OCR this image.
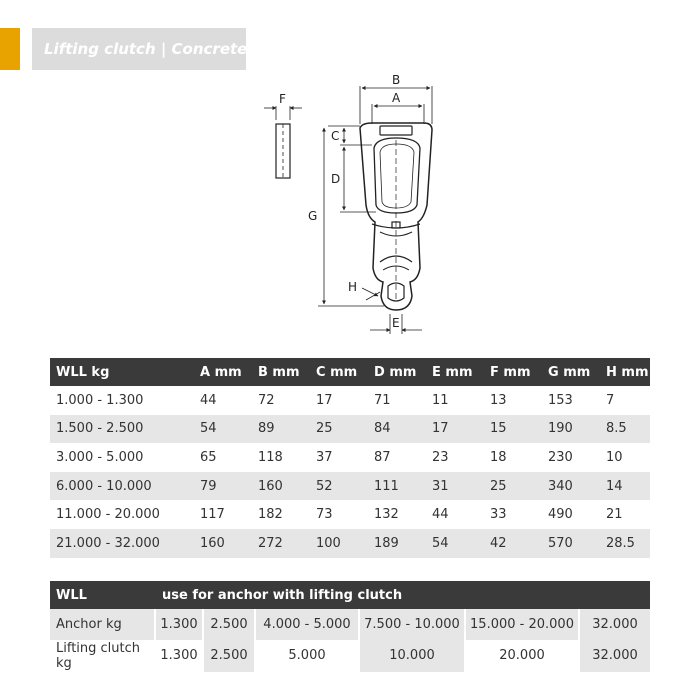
Lifting clutch | Concrete
B
A
C
D
G
H
E
F
WLL kg	A mm	B mm	C mm	D mm	E mm	F mm	G mm	H mm
1.000 - 1.300	44	72	17	71	11	13	153	7
1.500 - 2.500	54	89	25	84	17	15	190	8.5
3.000 - 5.000	65	118	37	87	23	18	230	10
6.000 - 10.000	79	160	52	111	31	25	340	14
11.000 - 20.000	117	182	73	132	44	33	490	21
21.000 - 32.000	160	272	100	189	54	42	570	28.5
WLL	use for anchor with lifting clutch					
Anchor kg	1.300	2.500	4.000 - 5.000	7.500 - 10.000	15.000 - 20.000	32.000
Lifting clutch kg	1.300	2.500	5.000	10.000	20.000	32.000
